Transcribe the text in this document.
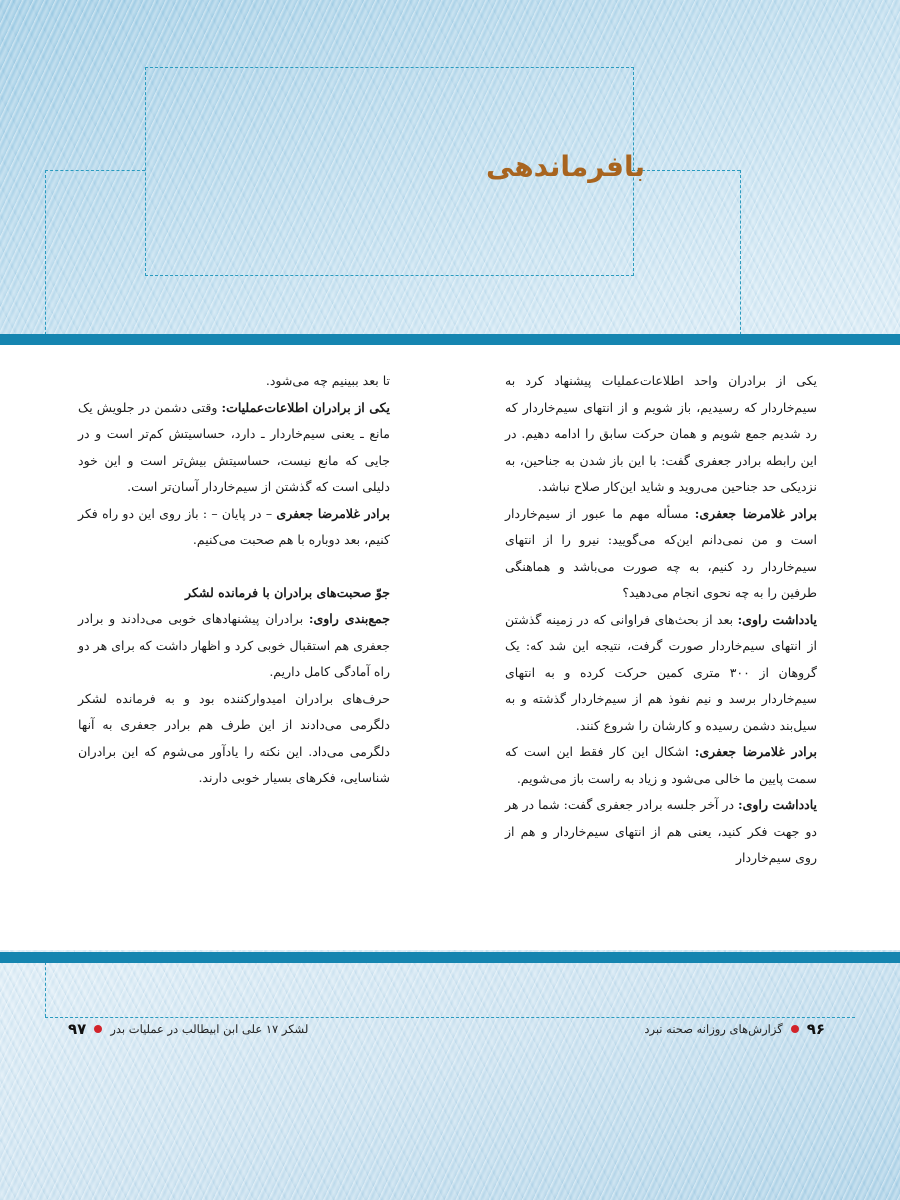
بافرماندهی

یکی از برادران واحد اطلاعات‌عملیات پیشنهاد کرد به سیم‌خاردار که رسیدیم، باز شویم و از انتهای سیم‌خاردار که رد شدیم جمع شویم و همان حرکت سابق را ادامه دهیم. در این رابطه برادر جعفری گفت: با این باز شدن به جناحین، به نزدیکی حد جناحین می‌روید و شاید این‌کار صلاح نباشد.

برادر غلامرضا جعفری: مسأله مهم ما عبور از سیم‌خاردار است و من نمی‌دانم این‌که می‌گویید: نیرو را از انتهای سیم‌خاردار رد کنیم، به چه صورت می‌باشد و هماهنگی طرفین را به چه نحوی انجام می‌دهید؟

یادداشت راوی: بعد از بحث‌های فراوانی که در زمینه گذشتن از انتهای سیم‌خاردار صورت گرفت، نتیجه این شد که: یک گروهان از ۳۰۰ متری کمین حرکت کرده و به انتهای سیم‌خاردار برسد و نیم نفوذ هم از سیم‌خاردار گذشته و به سیل‌بند دشمن رسیده و کارشان را شروع کنند.

برادر غلامرضا جعفری: اشکال این کار فقط این است که سمت پایین ما خالی می‌شود و زیاد به راست باز می‌شویم.

یادداشت راوی: در آخر جلسه برادر جعفری گفت: شما در هر دو جهت فکر کنید، یعنی هم از انتهای سیم‌خاردار و هم از روی سیم‌خاردار

تا بعد ببینیم چه می‌شود.

یکی از برادران اطلاعات‌عملیات: وقتی دشمن در جلویش یک مانع ـ یعنی سیم‌خاردار ـ دارد، حساسیتش کم‌تر است و در جایی که مانع نیست، حساسیتش بیش‌تر است و این خود دلیلی است که گذشتن از سیم‌خاردار آسان‌تر است.

برادر غلامرضا جعفری – در پایان – : باز روی این دو راه فکر کنیم، بعد دوباره با هم صحبت می‌کنیم.

جوّ صحبت‌های برادران با فرمانده لشکر

جمع‌بندی راوی: برادران پیشنهادهای خوبی می‌دادند و برادر جعفری هم استقبال خوبی کرد و اظهار داشت که برای هر دو راه آمادگی کامل داریم.

حرف‌های برادران امیدوارکننده بود و به فرمانده لشکر دلگرمی می‌دادند از این طرف هم برادر جعفری به آنها دلگرمی می‌داد. این نکته را یادآور می‌شوم که این برادران شناسایی، فکرهای بسیار خوبی دارند.

۹۶
گزارش‌های روزانه صحنه نبرد
۹۷ لشکر ۱۷ علی ابن ابیطالب در عملیات بدر
